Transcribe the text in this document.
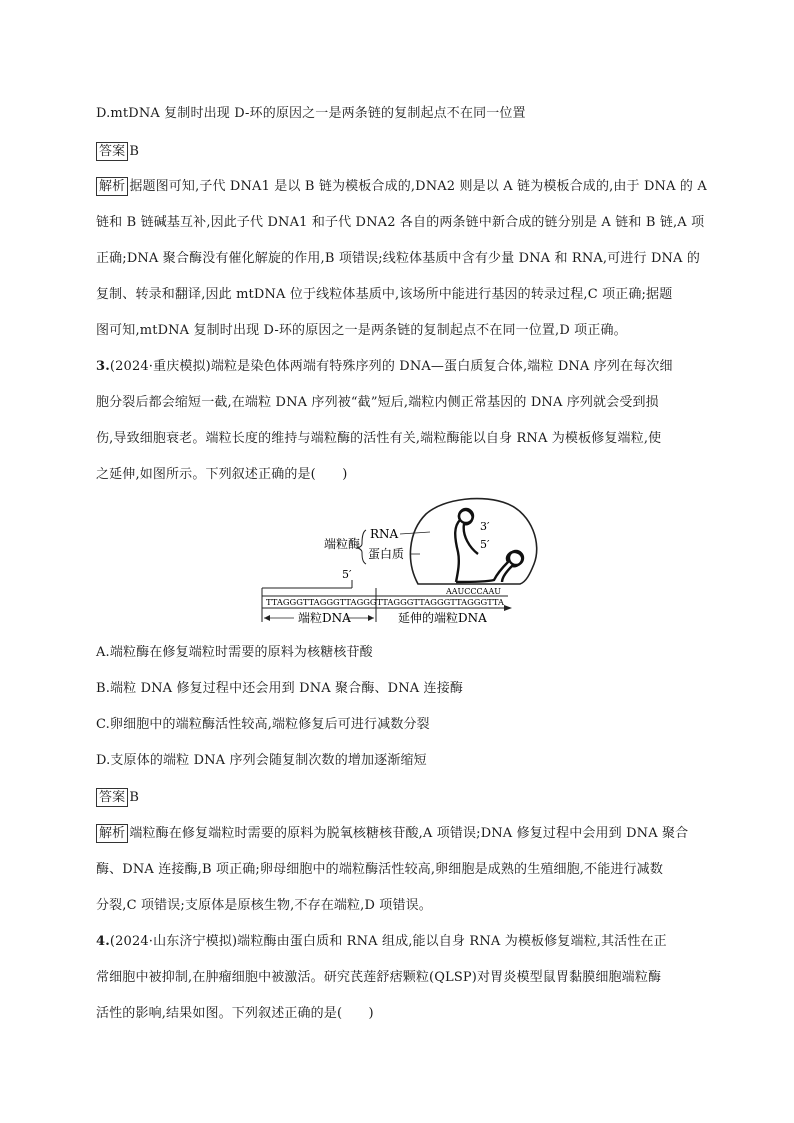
D.mtDNA 复制时出现 D-环的原因之一是两条链的复制起点不在同一位置
答案 B
解析 据题图可知,子代 DNA1 是以 B 链为模板合成的,DNA2 则是以 A 链为模板合成的,由于 DNA 的 A
链和 B 链碱基互补,因此子代 DNA1 和子代 DNA2 各自的两条链中新合成的链分别是 A 链和 B 链,A 项
正确;DNA 聚合酶没有催化解旋的作用,B 项错误;线粒体基质中含有少量 DNA 和 RNA,可进行 DNA 的
复制、转录和翻译,因此 mtDNA 位于线粒体基质中,该场所中能进行基因的转录过程,C 项正确;据题
图可知,mtDNA 复制时出现 D-环的原因之一是两条链的复制起点不在同一位置,D 项正确。
3.(2024·重庆模拟)端粒是染色体两端有特殊序列的 DNA—蛋白质复合体,端粒 DNA 序列在每次细
胞分裂后都会缩短一截,在端粒 DNA 序列被“截”短后,端粒内侧正常基因的 DNA 序列就会受到损
伤,导致细胞衰老。端粒长度的维持与端粒酶的活性有关,端粒酶能以自身 RNA 为模板修复端粒,使
之延伸,如图所示。下列叙述正确的是(　　)
3′
5′
端粒酶
RNA
蛋白质
AAUCCCAAU
5′
TTAGGGTTAGGGTTAGGGTTAGGGTTAGGGTTAGGGTTA
端粒DNA	延伸的端粒DNA
A.端粒酶在修复端粒时需要的原料为核糖核苷酸
B.端粒 DNA 修复过程中还会用到 DNA 聚合酶、DNA 连接酶
C.卵细胞中的端粒酶活性较高,端粒修复后可进行减数分裂
D.支原体的端粒 DNA 序列会随复制次数的增加逐渐缩短
答案 B
解析 端粒酶在修复端粒时需要的原料为脱氧核糖核苷酸,A 项错误;DNA 修复过程中会用到 DNA 聚合
酶、DNA 连接酶,B 项正确;卵母细胞中的端粒酶活性较高,卵细胞是成熟的生殖细胞,不能进行减数
分裂,C 项错误;支原体是原核生物,不存在端粒,D 项错误。
4.(2024·山东济宁模拟)端粒酶由蛋白质和 RNA 组成,能以自身 RNA 为模板修复端粒,其活性在正
常细胞中被抑制,在肿瘤细胞中被激活。研究芪莲舒痞颗粒(QLSP)对胃炎模型鼠胃黏膜细胞端粒酶
活性的影响,结果如图。下列叙述正确的是(　　)
